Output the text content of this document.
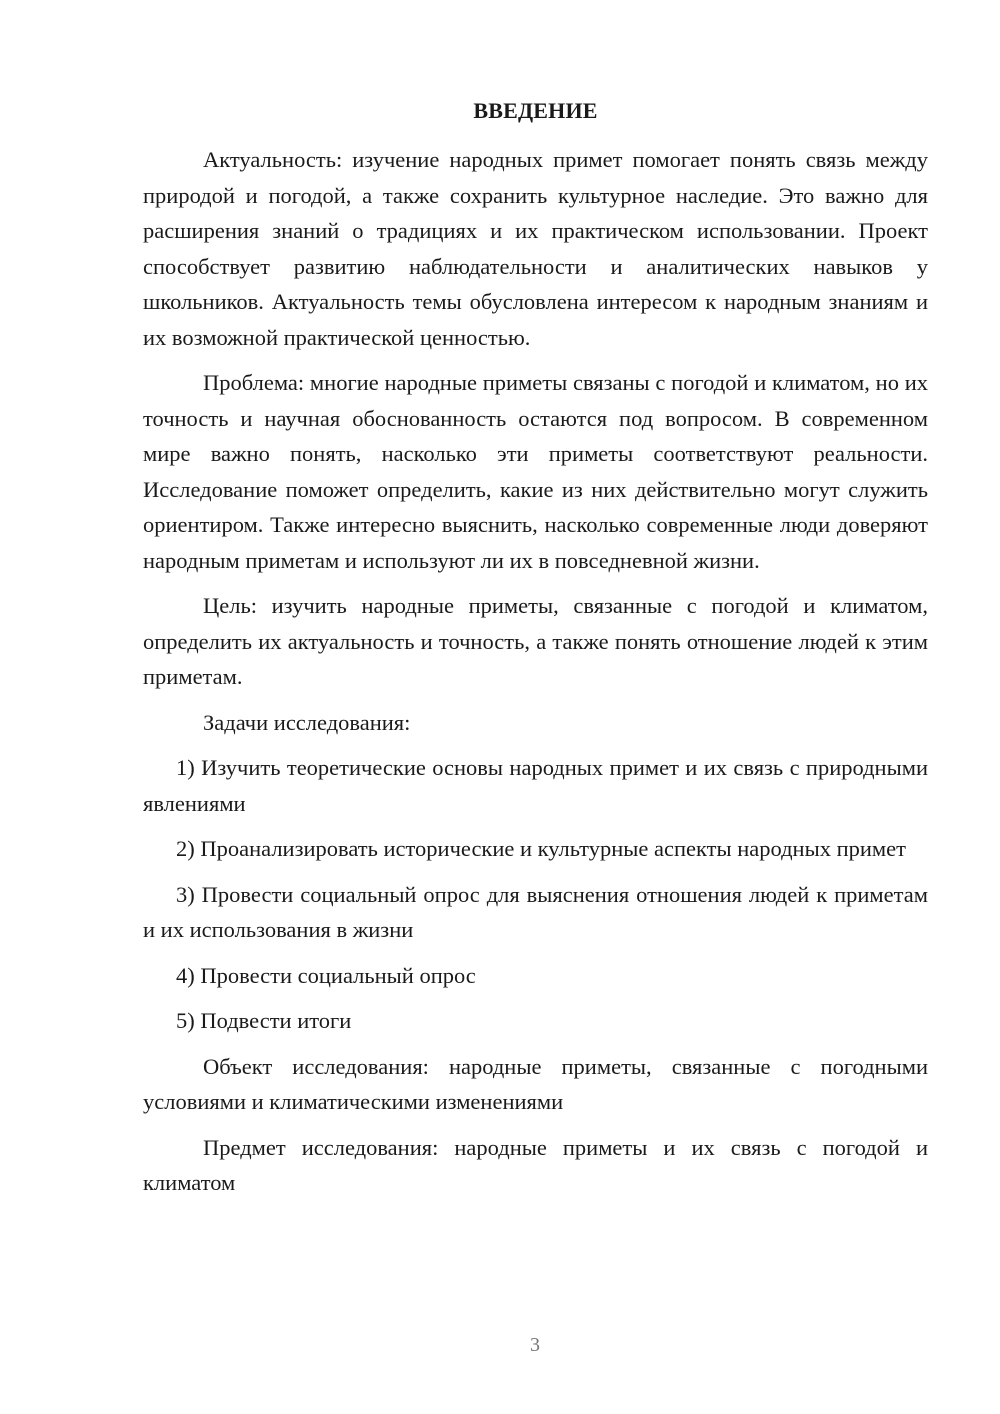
ВВЕДЕНИЕ

Актуальность: изучение народных примет помогает понять связь между природой и погодой, а также сохранить культурное наследие. Это важно для расширения знаний о традициях и их практическом использовании. Проект способствует развитию наблюдательности и аналитических навыков у школьников. Актуальность темы обусловлена интересом к народным знаниям и их возможной практической ценностью.

Проблема: многие народные приметы связаны с погодой и климатом, но их точность и научная обоснованность остаются под вопросом. В современном мире важно понять, насколько эти приметы соответствуют реальности. Исследование поможет определить, какие из них действительно могут служить ориентиром. Также интересно выяснить, насколько современные люди доверяют народным приметам и используют ли их в повседневной жизни.

Цель: изучить народные приметы, связанные с погодой и климатом, определить их актуальность и точность, а также понять отношение людей к этим приметам.

Задачи исследования:

1) Изучить теоретические основы народных примет и их связь с природными явлениями

2) Проанализировать исторические и культурные аспекты народных примет

3) Провести социальный опрос для выяснения отношения людей к приметам и их использования в жизни

4) Провести социальный опрос

5) Подвести итоги

Объект исследования: народные приметы, связанные с погодными условиями и климатическими изменениями

Предмет исследования: народные приметы и их связь с погодой и климатом

3
